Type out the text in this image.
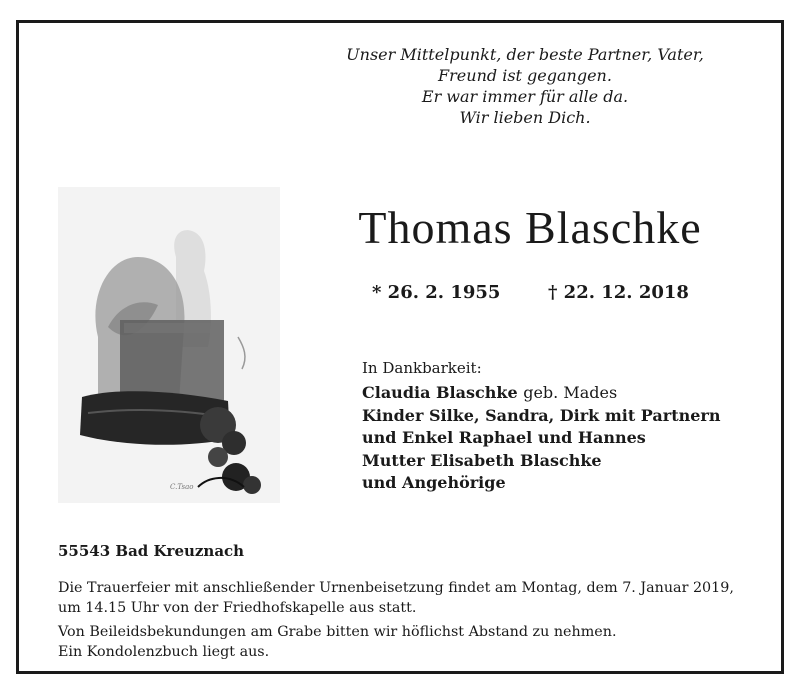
Unser Mittelpunkt, der beste Partner, Vater,
Freund ist gegangen.
Er war immer für alle da.
Wir lieben Dich.
C.Tsao
Thomas Blaschke
* 26. 2. 1955	† 22. 12. 2018
In Dankbarkeit:
Claudia Blaschke geb. Mades
Kinder Silke, Sandra, Dirk mit Partnern
und Enkel Raphael und Hannes
Mutter Elisabeth Blaschke
und Angehörige
55543 Bad Kreuznach
Die Trauerfeier mit anschließender Urnenbeisetzung findet am Montag, dem 7. Januar 2019,
um 14.15 Uhr von der Friedhofskapelle aus statt.
Von Beileidsbekundungen am Grabe bitten wir höflichst Abstand zu nehmen.
Ein Kondolenzbuch liegt aus.
